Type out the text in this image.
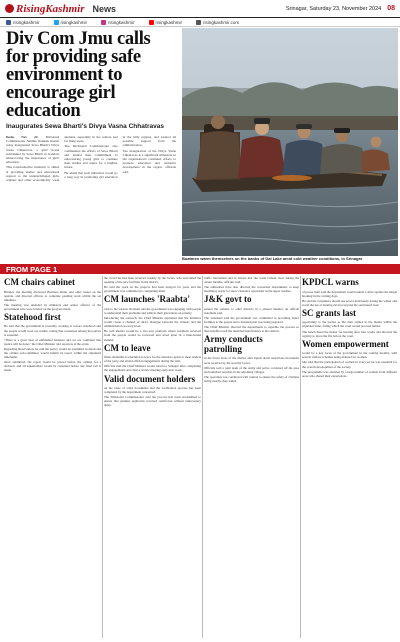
RisingKashmir News	Srinagar, Saturday 23, November 2024 08
risingkashmir	risingkashmir	risingkashmir	risingkashmir	risingkashmir.com
Div Com Jmu calls for providing safe environment to encourage girl education
Inaugurates Sewa Bharti's Divya Vasna Chhatravas

Doda, Nov 22: Divisional Commissioner Jammu, Ramesh Kumar today inaugurated Sewa Bharti's Divya Vasna Chhatravas, a girls' hostel established by Sewa Bharti in Gandoh, underscoring the importance of girls' education.

This transformative initiative is aimed at providing shelter and educational support to the underprivileged girls, orphans and other economically weak students, especially in the remote and far flung areas.

The Divisional Commissioner also commended the efforts of Sewa Bharti and lauded their commitment to empowering young girls to continue their studies and aspire for a brighter future.

He added that such initiatives would go a long way in promoting girl education in the hilly regions, and assured all possible support from the administration.

The inauguration of the Divya Vasna Chhatravas is a significant milestone in the organisation's continued efforts to promote education and inclusive development in the region, officials said.

Boatmen warm themselves on the banks of Dal Lake amid cold weather conditions, in Srinagar
FROM PAGE 1
CM chairs cabinet

Besides, the meeting discussed Business Rules and other issues on the agenda, and directed officers to complete pending work within the set timelines.

The meeting was attended by ministers and senior officers of the government who were briefed on the progress made.

Statehood first

He said that the government is presently working to restore statehood and the people would soon see results, noting that consensus among the parties is essential.

"There is a great deal of unfinished business and we are confident that justice will be done," the Chief Minister told reporters at the event.

Regarding Reservation, he said the policy would be examined in detail and the cabinet sub-committee would submit its report within the stipulated timeframe.

Once submitted, the report would be placed before the cabinet for a decision, and all stakeholders would be consulted before any final call is made.

the crowd he had been received warmly by the locals, who welcomed the opening of the new facilities in the district.

He said the work on the projects had been delayed for years and the government was committed to completing them.

CM launches 'Raabta'

visit to the various divisions and the government was engaging with people to understand their problems and address their grievances on priority.

Introducing the outreach, the Chief Minister explained that the initiative would create a channel of direct dialogue between the citizens and the administration at every level.

He said Raabta would be a two-way platform where feedback received from the people would be reviewed and acted upon in a time-bound manner.

CM to leave

Omar Abdullah is scheduled to leave for the national capital to meet leaders of the party and attend official engagements during the visit.

Officials said the Chief Minister would return to Srinagar after completing the engagements and chair a review meeting early next week.

Valid document holders

on the basis of valid documents and the verification process has been completed by the department concerned.

The Divisional Commissioner said the process had been streamlined to ensure that genuine applicants received certificates without unnecessary delay.

traffic movement and to ensure that the roads remain clear during the winter months, officials said.

The authorities have also directed the concerned departments to keep machinery ready for snow clearance operations in the upper reaches.

J&K govt to

extend the scheme to other districts in a phased manner, an official statement said.

The statement said the government was committed to providing better facilities to the people and a detailed plan was being prepared.

The Chief Minister directed the departments to expedite the process so that benefits reach the intended beneficiaries at the earliest.

Army conducts patrolling

in the forest areas of the district after inputs about suspicious movement were received by the security forces.

Officials said a joint team of the Army and police cordoned off the area and launched searches in the adjoining villages.

The operation was conducted with caution to ensure the safety of civilians living nearby, they added.

KPDCL warns

of power theft said the department would launch a drive against the illegal hooking in the coming days.

He said the consumers should use power judiciously during the winter and avoid the use of heating devices beyond the sanctioned load.

SC grants last

opportunity to the parties to file their replies in the matter within the stipulated time, failing which the court would proceed further.

The bench listed the matter for hearing after four weeks and directed the registry to place the file before the court.

Women empowerment

would be a key focus of the government in the coming months, with several welfare schemes being planned for women.

She said that the participation of women in every sector was essential for the overall development of the society.

The programme was attended by a large number of women from different areas who shared their experiences.
